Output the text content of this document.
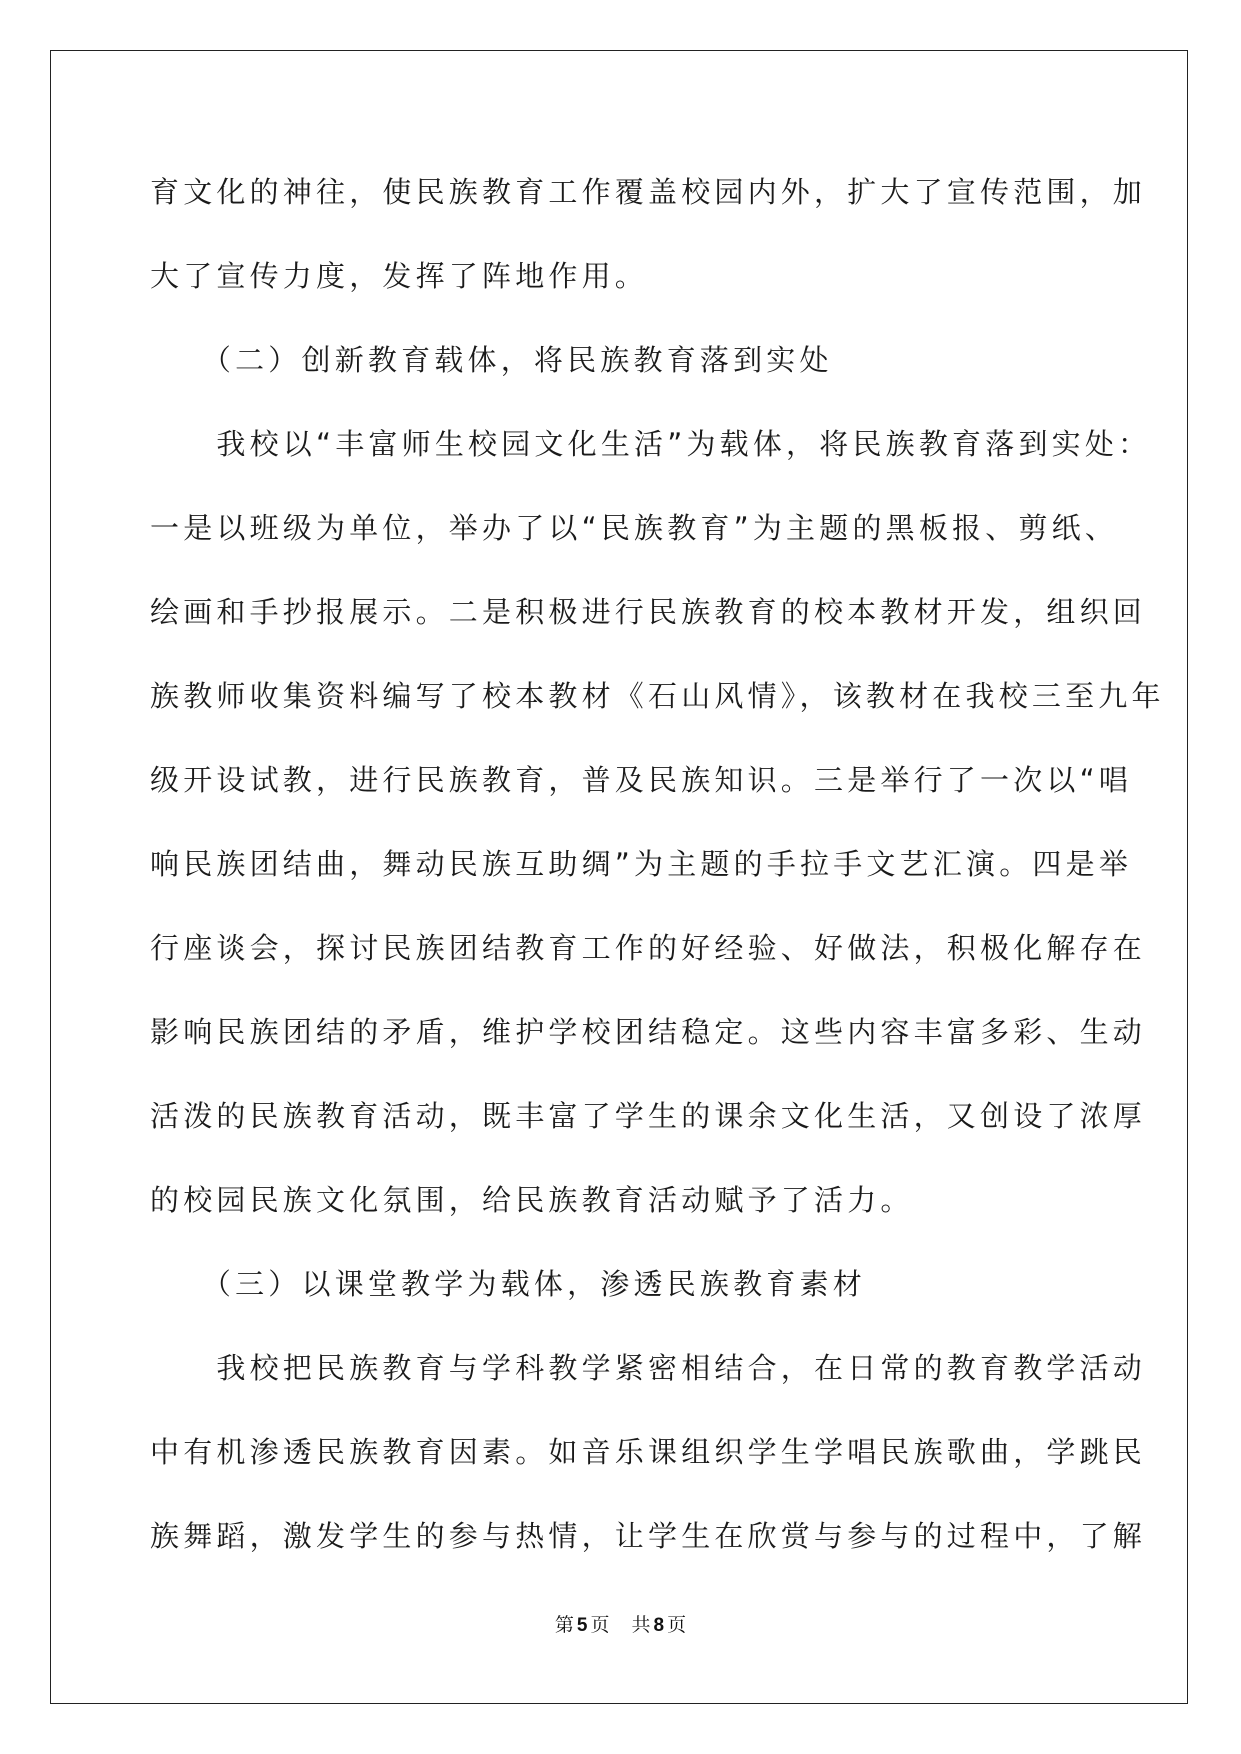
育文化的神往，使民族教育工作覆盖校园内外，扩大了宣传范围，加
大了宣传力度，发挥了阵地作用。
　　（二）创新教育载体，将民族教育落到实处
　　我校以“丰富师生校园文化生活”为载体，将民族教育落到实处：
一是以班级为单位，举办了以“民族教育”为主题的黑板报、剪纸、
绘画和手抄报展示。二是积极进行民族教育的校本教材开发，组织回
族教师收集资料编写了校本教材《石山风情》，该教材在我校三至九年
级开设试教，进行民族教育，普及民族知识。三是举行了一次以“唱
响民族团结曲，舞动民族互助绸”为主题的手拉手文艺汇演。四是举
行座谈会，探讨民族团结教育工作的好经验、好做法，积极化解存在
影响民族团结的矛盾，维护学校团结稳定。这些内容丰富多彩、生动
活泼的民族教育活动，既丰富了学生的课余文化生活，又创设了浓厚
的校园民族文化氛围，给民族教育活动赋予了活力。
　　（三）以课堂教学为载体，渗透民族教育素材
　　我校把民族教育与学科教学紧密相结合，在日常的教育教学活动
中有机渗透民族教育因素。如音乐课组织学生学唱民族歌曲，学跳民
族舞蹈，激发学生的参与热情，让学生在欣赏与参与的过程中，了解
第 5 页 共 8 页
